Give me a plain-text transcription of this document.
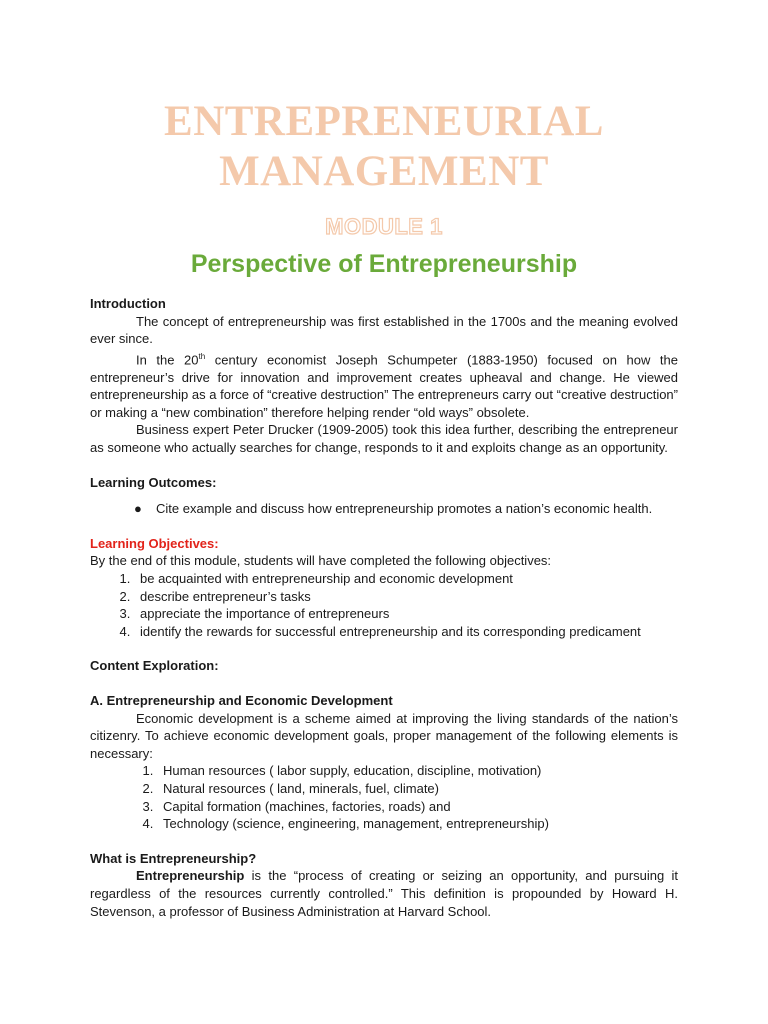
ENTREPRENEURIAL
MANAGEMENT
MODULE 1
Perspective of Entrepreneurship

Introduction

The concept of entrepreneurship was first established in the 1700s and the meaning evolved ever since.

In the 20th century economist Joseph Schumpeter (1883-1950) focused on how the entrepreneur’s drive for innovation and improvement creates upheaval and change. He viewed entrepreneurship as a force of “creative destruction” The entrepreneurs carry out “creative destruction” or making a “new combination” therefore helping render “old ways” obsolete.

Business expert Peter Drucker (1909-2005) took this idea further, describing the entrepreneur as someone who actually searches for change, responds to it and exploits change as an opportunity.

Learning Outcomes:

● Cite example and discuss how entrepreneurship promotes a nation’s economic health.

Learning Objectives:

By the end of this module, students will have completed the following objectives:

1. be acquainted with entrepreneurship and economic development
2. describe entrepreneur’s tasks
3. appreciate the importance of entrepreneurs
4. identify the rewards for successful entrepreneurship and its corresponding predicament

Content Exploration:

A. Entrepreneurship and Economic Development

Economic development is a scheme aimed at improving the living standards of the nation’s citizenry. To achieve economic development goals, proper management of the following elements is necessary:

1. Human resources ( labor supply, education, discipline, motivation)
2. Natural resources ( land, minerals, fuel, climate)
3. Capital formation (machines, factories, roads) and
4. Technology (science, engineering, management, entrepreneurship)

What is Entrepreneurship?

Entrepreneurship is the “process of creating or seizing an opportunity, and pursuing it regardless of the resources currently controlled.” This definition is propounded by Howard H. Stevenson, a professor of Business Administration at Harvard School.
